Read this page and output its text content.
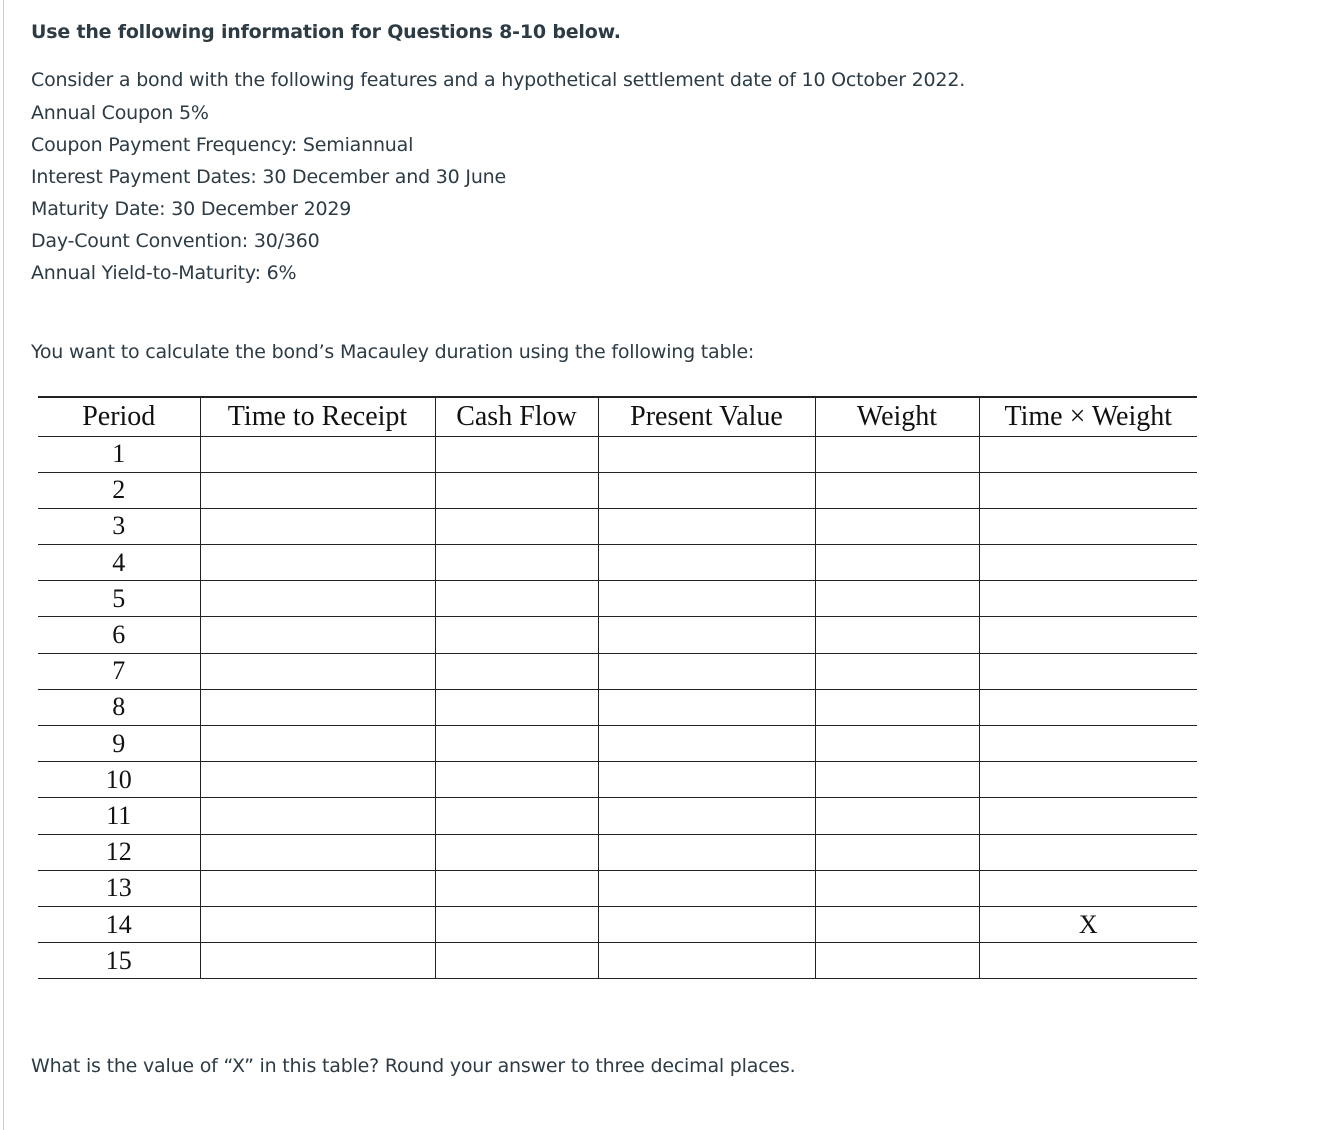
Use the following information for Questions 8-10 below.
Consider a bond with the following features and a hypothetical settlement date of 10 October 2022.
Annual Coupon 5%
Coupon Payment Frequency: Semiannual
Interest Payment Dates: 30 December and 30 June
Maturity Date: 30 December 2029
Day-Count Convention: 30/360
Annual Yield-to-Maturity: 6%
You want to calculate the bond’s Macauley duration using the following table:
Period	Time to Receipt	Cash Flow	Present Value	Weight	Time × Weight
1					
2					
3					
4					
5					
6					
7					
8					
9					
10					
11					
12					
13					
14					X
15					
What is the value of “X” in this table? Round your answer to three decimal places.
